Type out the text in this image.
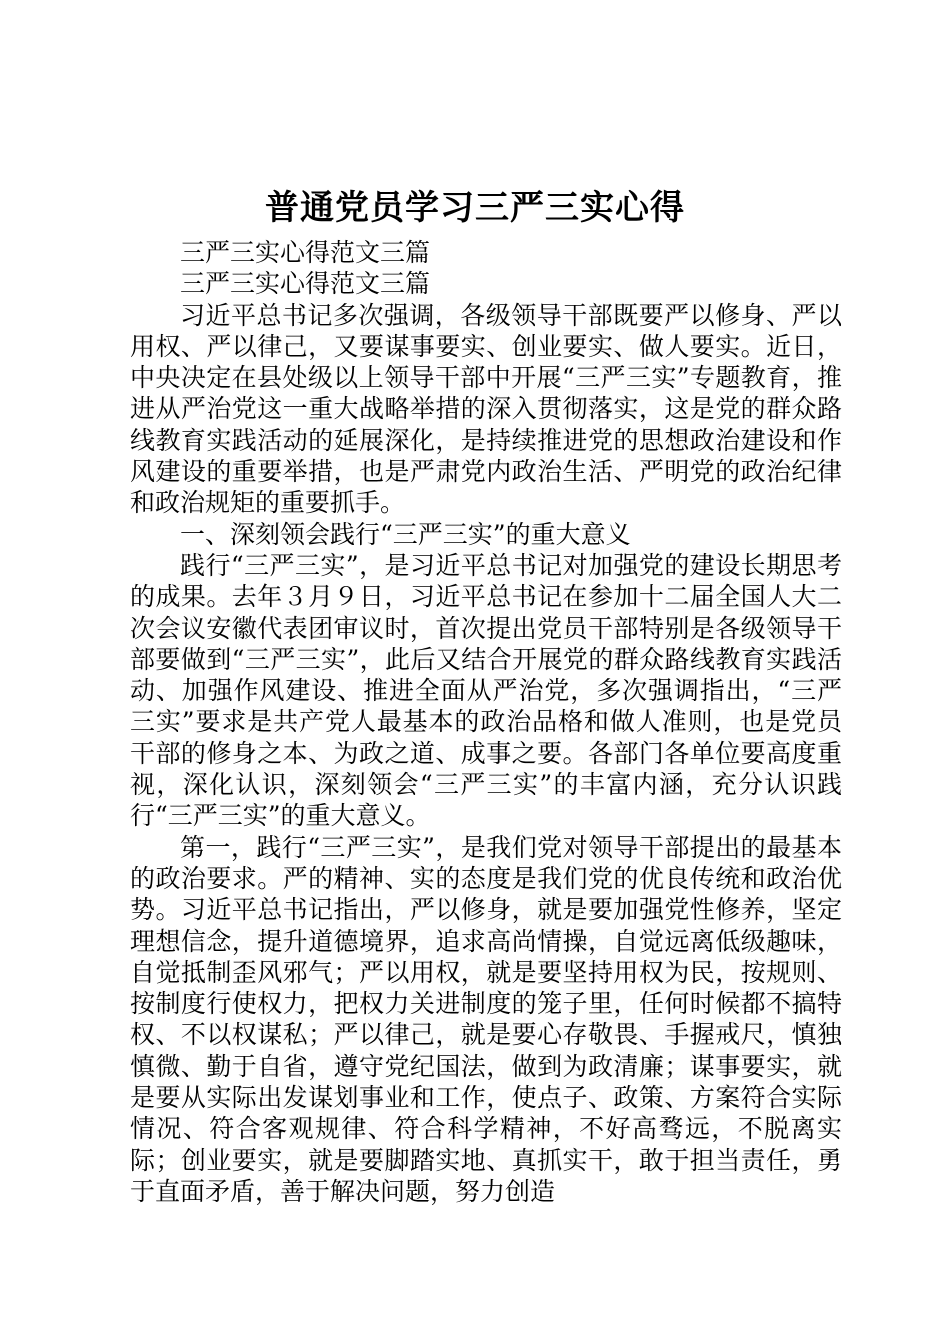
普通党员学习三严三实心得

三严三实心得范文三篇

三严三实心得范文三篇

习近平总书记多次强调，各级领导干部既要严以修身、严以用权、严以律己，又要谋事要实、创业要实、做人要实。近日，中央决定在县处级以上领导干部中开展“三严三实”专题教育，推进从严治党这一重大战略举措的深入贯彻落实，这是党的群众路线教育实践活动的延展深化，是持续推进党的思想政治建设和作风建设的重要举措，也是严肃党内政治生活、严明党的政治纪律和政治规矩的重要抓手。

一、深刻领会践行“三严三实”的重大意义

践行“三严三实”，是习近平总书记对加强党的建设长期思考的成果。去年３月９日，习近平总书记在参加十二届全国人大二次会议安徽代表团审议时，首次提出党员干部特别是各级领导干部要做到“三严三实”，此后又结合开展党的群众路线教育实践活动、加强作风建设、推进全面从严治党，多次强调指出，“三严三实”要求是共产党人最基本的政治品格和做人准则，也是党员干部的修身之本、为政之道、成事之要。各部门各单位要高度重视，深化认识，深刻领会“三严三实”的丰富内涵，充分认识践行“三严三实”的重大意义。

第一，践行“三严三实”，是我们党对领导干部提出的最基本的政治要求。严的精神、实的态度是我们党的优良传统和政治优势。习近平总书记指出，严以修身，就是要加强党性修养，坚定理想信念，提升道德境界，追求高尚情操，自觉远离低级趣味，自觉抵制歪风邪气；严以用权，就是要坚持用权为民，按规则、按制度行使权力，把权力关进制度的笼子里，任何时候都不搞特权、不以权谋私；严以律己，就是要心存敬畏、手握戒尺，慎独慎微、勤于自省，遵守党纪国法，做到为政清廉；谋事要实，就是要从实际出发谋划事业和工作，使点子、政策、方案符合实际情况、符合客观规律、符合科学精神，不好高骛远，不脱离实际；创业要实，就是要脚踏实地、真抓实干，敢于担当责任，勇于直面矛盾，善于解决问题，努力创造
